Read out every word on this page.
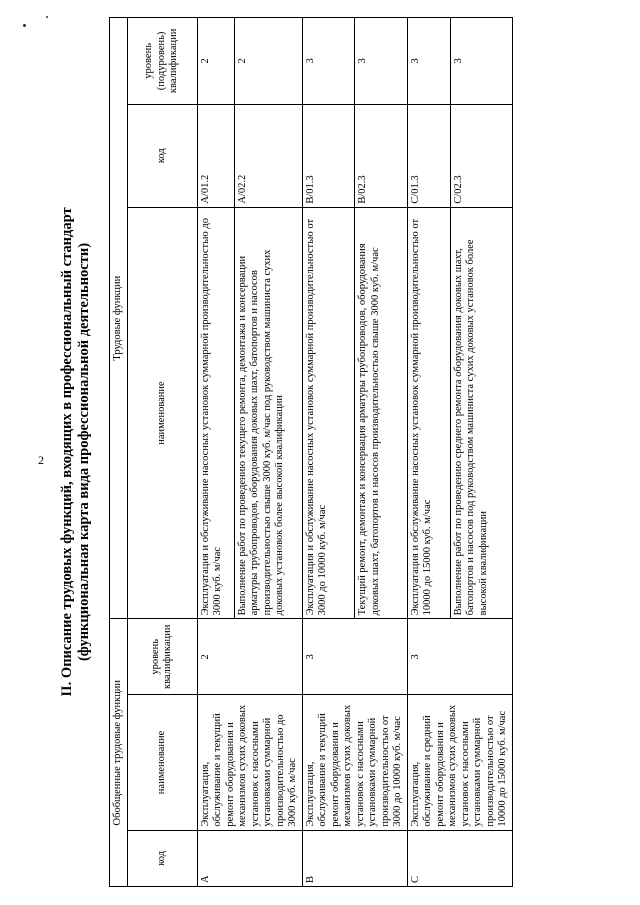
2 II. Описание трудовых функций, входящих в профессиональный стандарт (функциональная карта вида профессиональной деятельности)
Обобщенные трудовые функции			Трудовые функции		
код	наименование	уровень квалификации	наименование	код	уровень (подуровень) квалификации
A	Эксплуатация, обслуживание и текущий ремонт оборудования и механизмов сухих доковых установок с насосными установками суммарной производительностью до 3000 куб. м/час	2	Эксплуатация и обслуживание насосных установок суммарной производительностью до 3000 куб. м/час	A/01.2	2
			Выполнение работ по проведению текущего ремонта, демонтажа и консервации арматуры трубопроводов, оборудования доковых шахт, батопортов и насосов производительностью свыше 3000 куб. м/час под руководством машиниста сухих доковых установок более высокой квалификации	A/02.2	2
B	Эксплуатация, обслуживание и текущий ремонт оборудования и механизмов сухих доковых установок с насосными установками суммарной производительностью от 3000 до 10000 куб. м/час	3	Эксплуатация и обслуживание насосных установок суммарной производительностью от 3000 до 10000 куб. м/час	B/01.3	3
			Текущий ремонт, демонтаж и консервация арматуры трубопроводов, оборудования доковых шахт, батопортов и насосов производительностью свыше 3000 куб. м/час	B/02.3	3
C	Эксплуатация, обслуживание и средний ремонт оборудования и механизмов сухих доковых установок с насосными установками суммарной производительностью от 10000 до 15000 куб. м/час	3	Эксплуатация и обслуживание насосных установок суммарной производительностью от 10000 до 15000 куб. м/час	C/01.3	3
			Выполнение работ по проведению среднего ремонта оборудования доковых шахт, батопортов и насосов под руководством машиниста сухих доковых установок более высокой квалификации	C/02.3	3
